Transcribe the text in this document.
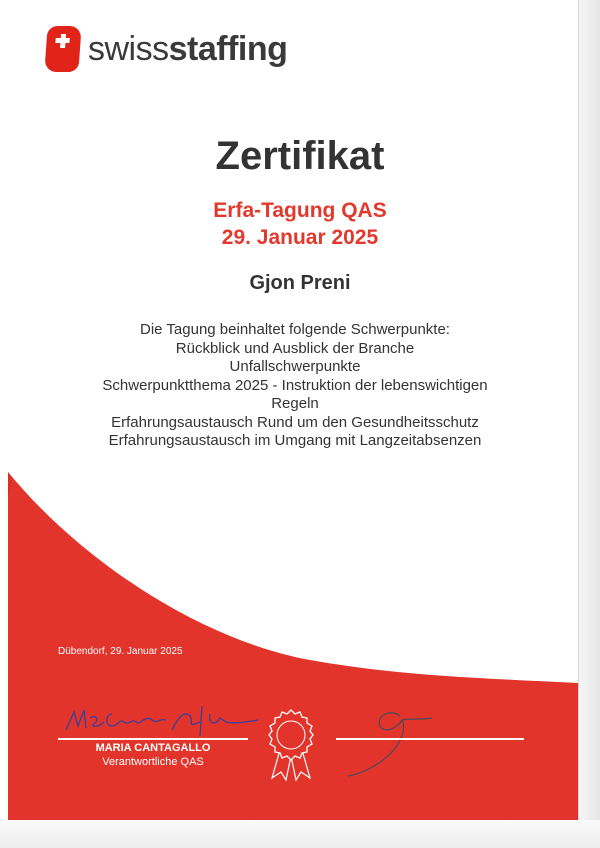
swissstaffing
Zertifikat
Erfa-Tagung QAS
29. Januar 2025
Gjon Preni
Die Tagung beinhaltet folgende Schwerpunkte:
Rückblick und Ausblick der Branche
Unfallschwerpunkte
Schwerpunktthema 2025 - Instruktion der lebenswichtigen
Regeln
Erfahrungsaustausch Rund um den Gesundheitsschutz
Erfahrungsaustausch im Umgang mit Langzeitabsenzen
Dübendorf, 29. Januar 2025
MARIA CANTAGALLO
Verantwortliche QAS
